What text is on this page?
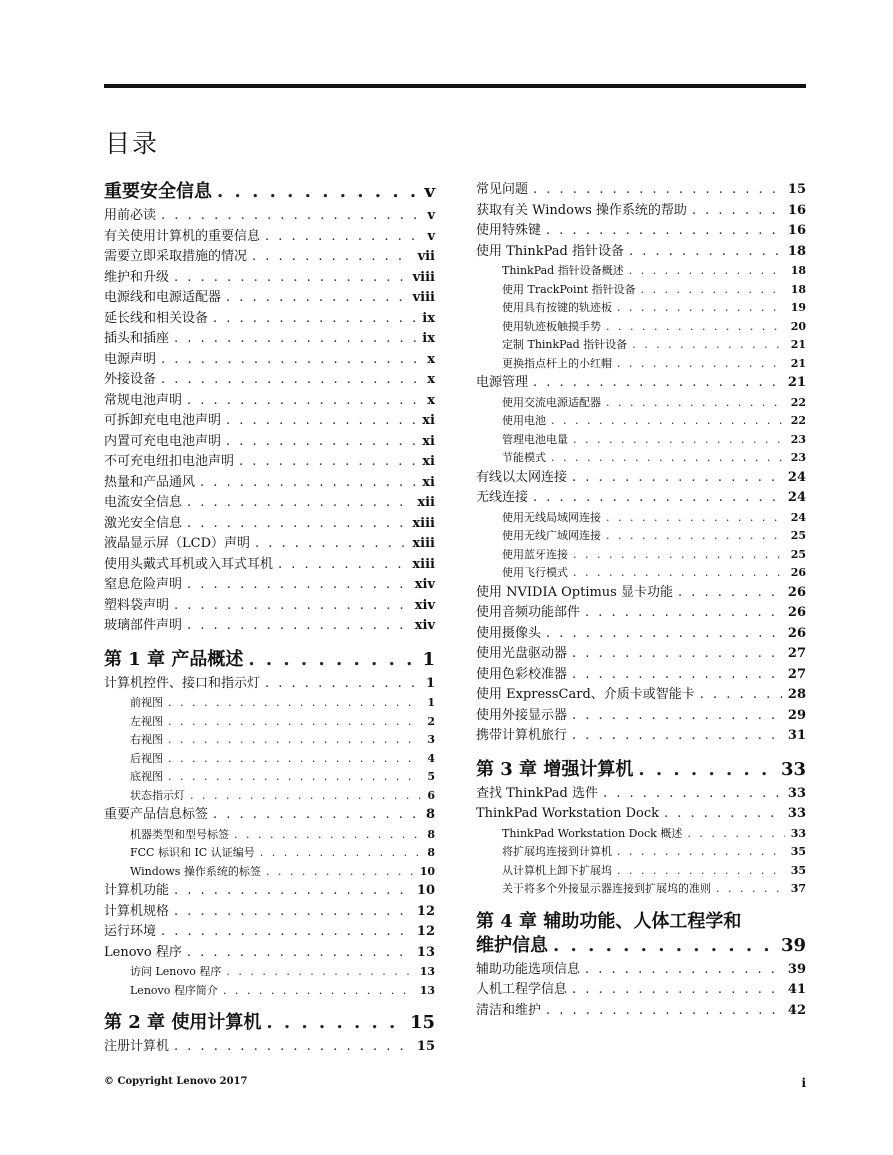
目录
重要安全信息 . . .	v
用前必读 . . .	v
有关使用计算机的重要信息 . . .	v
需要立即采取措施的情况 . . .	vii
维护和升级 . . .	viii
电源线和电源适配器 . . .	viii
延长线和相关设备 . . .	ix
插头和插座 . . .	ix
电源声明 . . .	x
外接设备 . . .	x
常规电池声明 . . .	x
可拆卸充电电池声明 . . .	xi
内置可充电电池声明 . . .	xi
不可充电纽扣电池声明 . . .	xi
热量和产品通风 . . .	xi
电流安全信息 . . .	xii
激光安全信息 . . .	xiii
液晶显示屏（LCD）声明 . . .	xiii
使用头戴式耳机或入耳式耳机 . . .	xiii
窒息危险声明 . . .	xiv
塑料袋声明 . . .	xiv
玻璃部件声明 . . .	xiv
第 1 章 产品概述 . . .	1
计算机控件、接口和指示灯 . . .	1
前视图 . . .	1
左视图 . . .	2
右视图 . . .	3
后视图 . . .	4
底视图 . . .	5
状态指示灯 . . .	6
重要产品信息标签 . . .	8
机器类型和型号标签 . . .	8
FCC 标识和 IC 认证编号 . . .	8
Windows 操作系统的标签 . . .	10
计算机功能 . . .	10
计算机规格 . . .	12
运行环境 . . .	12
Lenovo 程序 . . .	13
访问 Lenovo 程序 . . .	13
Lenovo 程序简介 . . .	13
第 2 章 使用计算机 . . .	15
注册计算机 . . .	15
常见问题 . . .	15
获取有关 Windows 操作系统的帮助 . . .	16
使用特殊键 . . .	16
使用 ThinkPad 指针设备 . . .	18
ThinkPad 指针设备概述 . . .	18
使用 TrackPoint 指针设备 . . .	18
使用具有按键的轨迹板 . . .	19
使用轨迹板触摸手势 . . .	20
定制 ThinkPad 指针设备 . . .	21
更换指点杆上的小红帽 . . .	21
电源管理 . . .	21
使用交流电源适配器 . . .	22
使用电池 . . .	22
管理电池电量 . . .	23
节能模式 . . .	23
有线以太网连接 . . .	24
无线连接 . . .	24
使用无线局域网连接 . . .	24
使用无线广域网连接 . . .	25
使用蓝牙连接 . . .	25
使用飞行模式 . . .	26
使用 NVIDIA Optimus 显卡功能 . . .	26
使用音频功能部件 . . .	26
使用摄像头 . . .	26
使用光盘驱动器 . . .	27
使用色彩校准器 . . .	27
使用 ExpressCard、介质卡或智能卡 . . .	28
使用外接显示器 . . .	29
携带计算机旅行 . . .	31
第 3 章 增强计算机 . . .	33
查找 ThinkPad 选件 . . .	33
ThinkPad Workstation Dock . . .	33
ThinkPad Workstation Dock 概述 . . .	33
将扩展坞连接到计算机 . . .	35
从计算机上卸下扩展坞 . . .	35
关于将多个外接显示器连接到扩展坞的准则 . . .	37
第 4 章 辅助功能、人体工程学和
维护信息 . . .	39
辅助功能选项信息 . . .	39
人机工程学信息 . . .	41
清洁和维护 . . .	42
© Copyright Lenovo 2017	i
